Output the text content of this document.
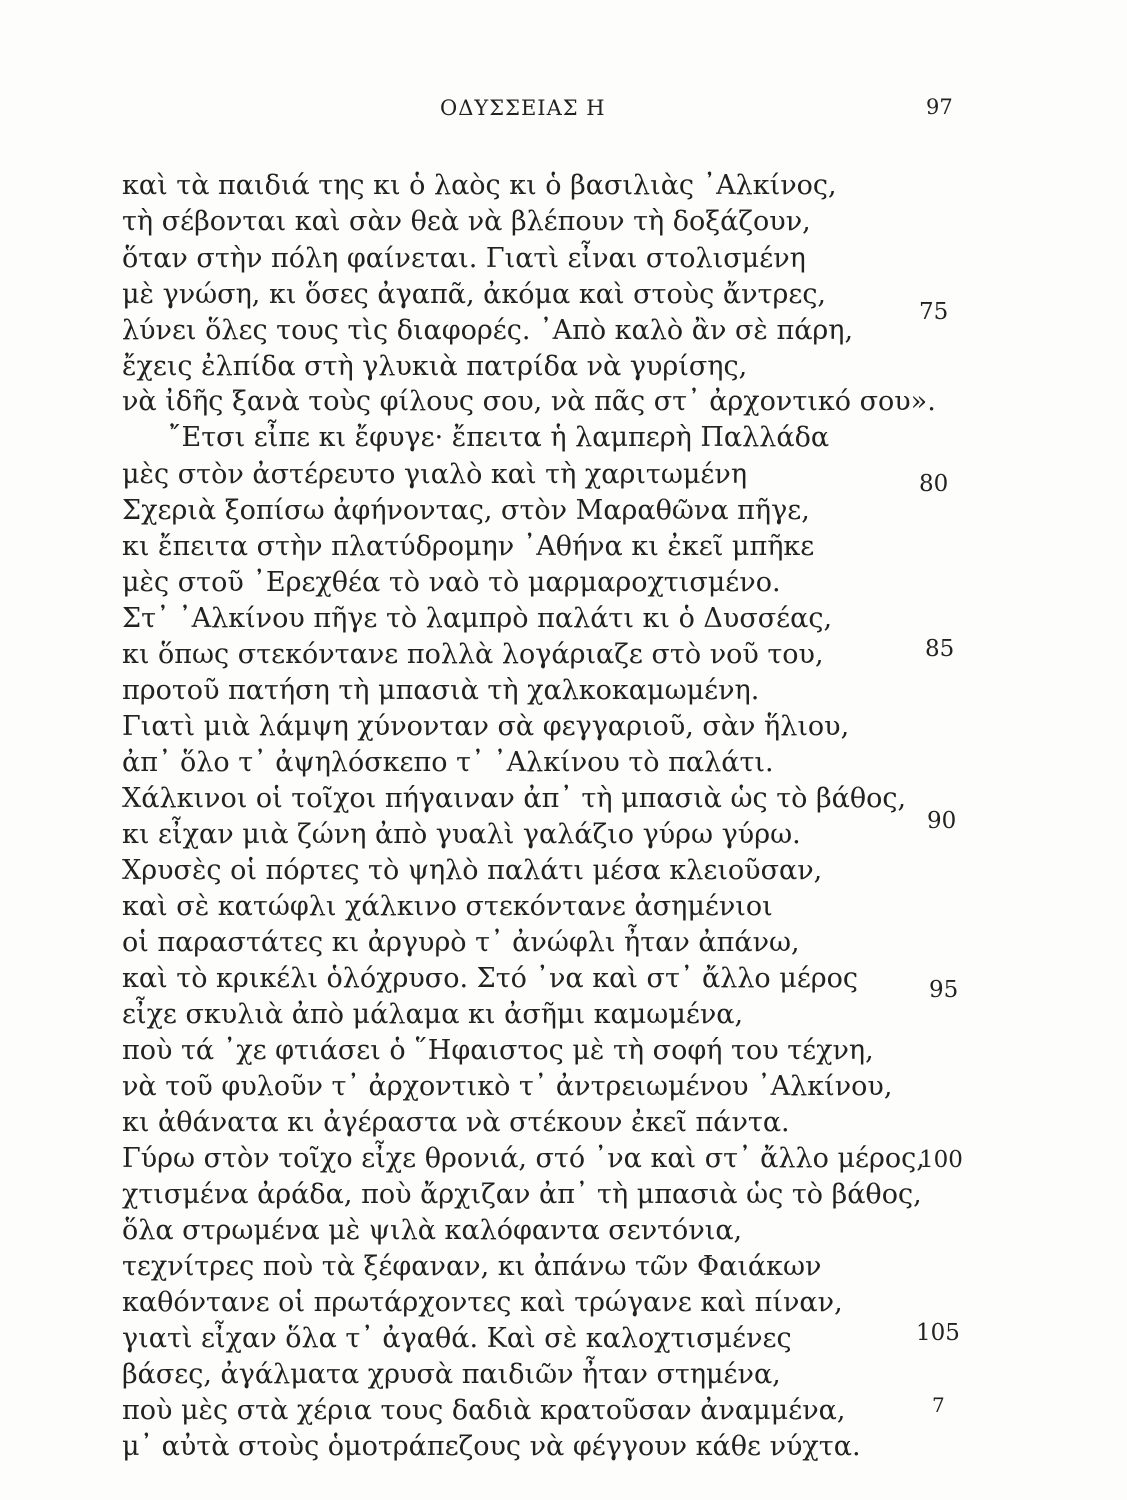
ΟΔΥΣΣΕΙΑΣ Η	97
καὶ τὰ παιδιά της κι ὁ λαὸς κι ὁ βασιλιὰς ᾿Αλκίνος,
τὴ σέβονται καὶ σὰν θεὰ νὰ βλέπουν τὴ δοξάζουν,
ὅταν στὴν πόλη φαίνεται. Γιατὶ εἶναι στολισμένη
μὲ γνώση, κι ὅσες ἀγαπᾶ, ἀκόμα καὶ στοὺς ἄντρες,
λύνει ὅλες τους τὶς διαφορές. ᾿Απὸ καλὸ ἂν σὲ πάρη,
ἔχεις ἐλπίδα στὴ γλυκιὰ πατρίδα νὰ γυρίσης,
νὰ ἰδῆς ξανὰ τοὺς φίλους σου, νὰ πᾶς στ᾿ ἀρχοντικό σου».
῎Ετσι εἶπε κι ἔφυγε· ἔπειτα ἡ λαμπερὴ Παλλάδα
μὲς στὸν ἀστέρευτο γιαλὸ καὶ τὴ χαριτωμένη
Σχεριὰ ξοπίσω ἀφήνοντας, στὸν Μαραθῶνα πῆγε,
κι ἔπειτα στὴν πλατύδρομην ᾿Αθήνα κι ἐκεῖ μπῆκε
μὲς στοῦ ᾿Ερεχθέα τὸ ναὸ τὸ μαρμαροχτισμένο.
Στ᾿ ᾿Αλκίνου πῆγε τὸ λαμπρὸ παλάτι κι ὁ Δυσσέας,
κι ὅπως στεκόντανε πολλὰ λογάριαζε στὸ νοῦ του,
προτοῦ πατήση τὴ μπασιὰ τὴ χαλκοκαμωμένη.
Γιατὶ μιὰ λάμψη χύνονταν σὰ φεγγαριοῦ, σὰν ἥλιου,
ἀπ᾿ ὅλο τ᾿ ἀψηλόσκεπο τ᾿ ᾿Αλκίνου τὸ παλάτι.
Χάλκινοι οἱ τοῖχοι πήγαιναν ἀπ᾿ τὴ μπασιὰ ὡς τὸ βάθος,
κι εἶχαν μιὰ ζώνη ἀπὸ γυαλὶ γαλάζιο γύρω γύρω.
Χρυσὲς οἱ πόρτες τὸ ψηλὸ παλάτι μέσα κλειοῦσαν,
καὶ σὲ κατώφλι χάλκινο στεκόντανε ἀσημένιοι
οἱ παραστάτες κι ἀργυρὸ τ᾿ ἀνώφλι ἦταν ἀπάνω,
καὶ τὸ κρικέλι ὁλόχρυσο. Στό ᾿να καὶ στ᾿ ἄλλο μέρος
εἶχε σκυλιὰ ἀπὸ μάλαμα κι ἀσῆμι καμωμένα,
ποὺ τά ᾿χε φτιάσει ὁ ῞Ηφαιστος μὲ τὴ σοφή του τέχνη,
νὰ τοῦ φυλοῦν τ᾿ ἀρχοντικὸ τ᾿ ἀντρειωμένου ᾿Αλκίνου,
κι ἀθάνατα κι ἀγέραστα νὰ στέκουν ἐκεῖ πάντα.
Γύρω στὸν τοῖχο εἶχε θρονιά, στό ᾿να καὶ στ᾿ ἄλλο μέρος,
χτισμένα ἀράδα, ποὺ ἄρχιζαν ἀπ᾿ τὴ μπασιὰ ὡς τὸ βάθος,
ὅλα στρωμένα μὲ ψιλὰ καλόφαντα σεντόνια,
τεχνίτρες ποὺ τὰ ξέφαναν, κι ἀπάνω τῶν Φαιάκων
καθόντανε οἱ πρωτάρχοντες καὶ τρώγανε καὶ πίναν,
γιατὶ εἶχαν ὅλα τ᾿ ἀγαθά. Καὶ σὲ καλοχτισμένες
βάσες, ἀγάλματα χρυσὰ παιδιῶν ἦταν στημένα,
ποὺ μὲς στὰ χέρια τους δαδιὰ κρατοῦσαν ἀναμμένα,
μ᾿ αὐτὰ στοὺς ὁμοτράπεζους νὰ φέγγουν κάθε νύχτα.
75
80
85
90
95
100
105
7
